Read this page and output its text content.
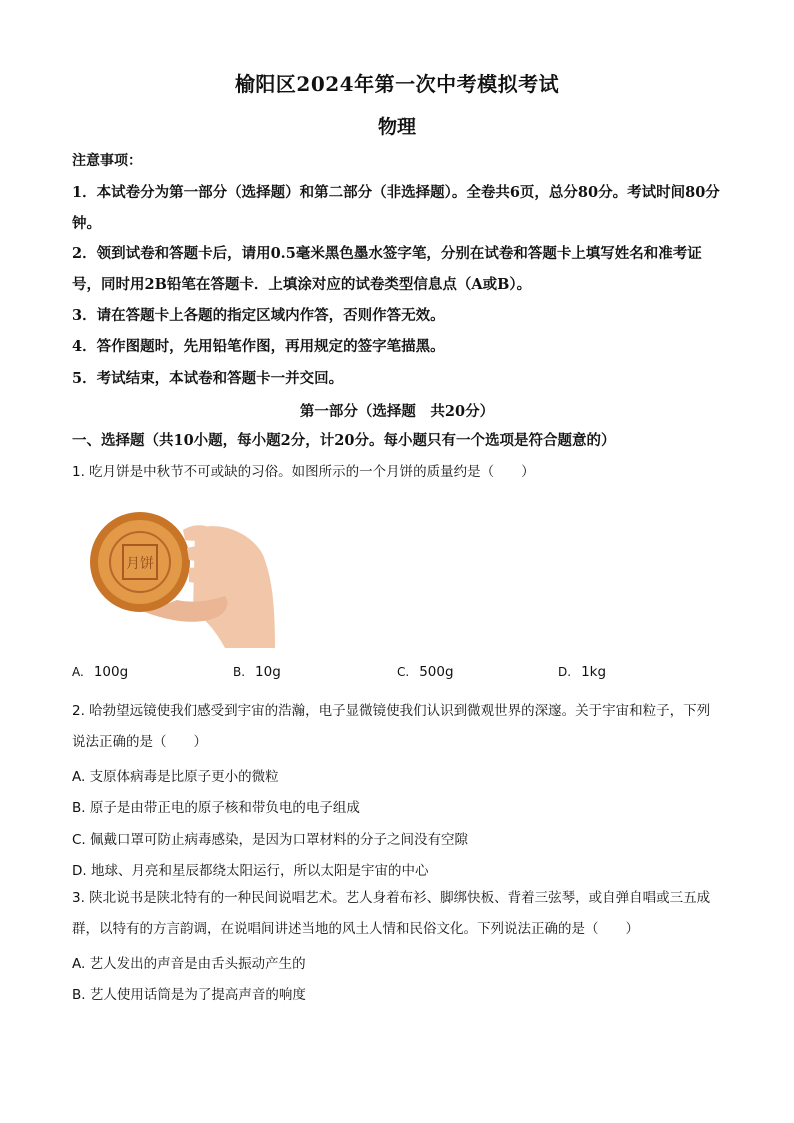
榆阳区2024年第一次中考模拟考试
物理
注意事项：
1．本试卷分为第一部分（选择题）和第二部分（非选择题）。全卷共6页，总分80分。考试时间80分钟。
2．领到试卷和答题卡后，请用0.5毫米黑色墨水签字笔，分别在试卷和答题卡上填写姓名和准考证号，同时用2B铅笔在答题卡．上填涂对应的试卷类型信息点（A或B）。
3．请在答题卡上各题的指定区域内作答，否则作答无效。
4．答作图题时，先用铅笔作图，再用规定的签字笔描黑。
5．考试结束，本试卷和答题卡一并交回。
第一部分（选择题　共20分）
一、选择题（共10小题，每小题2分，计20分。每小题只有一个选项是符合题意的）
1. 吃月饼是中秋节不可或缺的习俗。如图所示的一个月饼的质量约是（　　）
月饼
A. 100g	B. 10g	C. 500g	D. 1kg
2. 哈勃望远镜使我们感受到宇宙的浩瀚，电子显微镜使我们认识到微观世界的深邃。关于宇宙和粒子，下列说法正确的是（　　）
A. 支原体病毒是比原子更小的微粒
B. 原子是由带正电的原子核和带负电的电子组成
C. 佩戴口罩可防止病毒感染，是因为口罩材料的分子之间没有空隙
D. 地球、月亮和星辰都绕太阳运行，所以太阳是宇宙的中心
3. 陕北说书是陕北特有的一种民间说唱艺术。艺人身着布衫、脚绑快板、背着三弦琴，或自弹自唱或三五成群，以特有的方言韵调，在说唱间讲述当地的风土人情和民俗文化。下列说法正确的是（　　）
A. 艺人发出的声音是由舌头振动产生的
B. 艺人使用话筒是为了提高声音的响度
